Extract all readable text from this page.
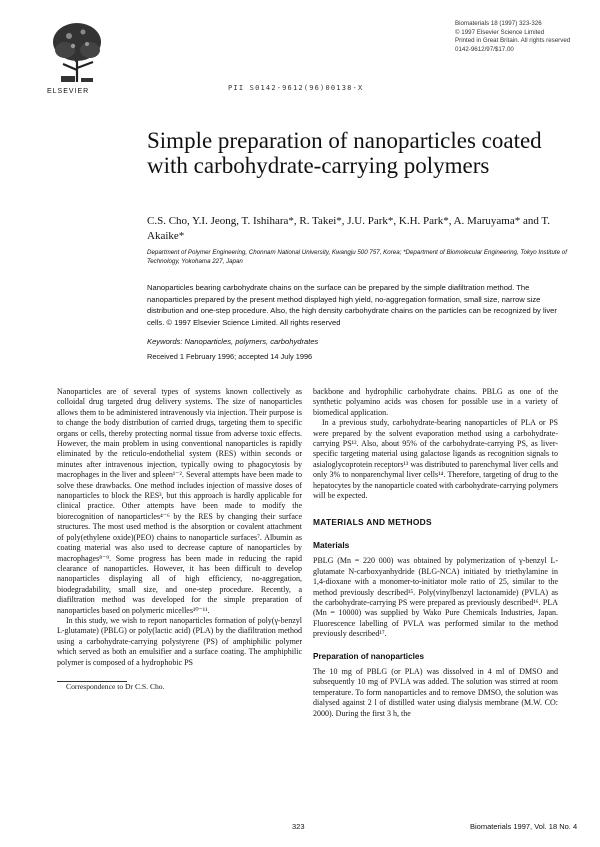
ELSEVIER
Biomaterials 18 (1997) 323-326
© 1997 Elsevier Science Limited
Printed in Great Britain. All rights reserved
0142-9612/97/$17.00
PII S0142-9612(96)00138-X
Simple preparation of nanoparticles coated with carbohydrate-carrying polymers

C.S. Cho, Y.I. Jeong, T. Ishihara*, R. Takei*, J.U. Park*, K.H. Park*, A. Maruyama* and T. Akaike*

Department of Polymer Engineering, Chonnam National University, Kwangju 500 757, Korea; *Department of Biomolecular Engineering, Tokyo Institute of Technology, Yokohama 227, Japan

Nanoparticles bearing carbohydrate chains on the surface can be prepared by the simple diafiltration method. The nanoparticles prepared by the present method displayed high yield, no-aggregation formation, small size, narrow size distribution and one-step procedure. Also, the high density carbohydrate chains on the particles can be recognized by liver cells. © 1997 Elsevier Science Limited. All rights reserved

Keywords: Nanoparticles, polymers, carbohydrates

Received 1 February 1996; accepted 14 July 1996

Nanoparticles are of several types of systems known collectively as colloidal drug targeted drug delivery systems. The size of nanoparticles allows them to be administered intravenously via injection. Their purpose is to change the body distribution of carried drugs, targeting them to specific organs or cells, thereby protecting normal tissue from adverse toxic effects. However, the main problem in using conventional nanoparticles is rapidly eliminated by the reticulo-endothelial system (RES) within seconds or minutes after intravenous injection, typically owing to phagocytosis by macrophages in the liver and spleen¹⁻². Several attempts have been made to solve these drawbacks. One method includes injection of massive doses of nanoparticles to block the RES³, but this approach is hardly applicable for clinical practice. Other attempts have been made to modify the biorecognition of nanoparticles⁴⁻⁶ by the RES by changing their surface structures. The most used method is the absorption or covalent attachment of poly(ethylene oxide)(PEO) chains to nanoparticle surfaces⁷. Albumin as coating material was also used to decrease capture of nanoparticles by macrophages⁸⁻⁹. Some progress has been made in reducing the rapid clearance of nanoparticles. However, it has been difficult to develop nanoparticles displaying all of high efficiency, no-aggregation, biodegradability, small size, and one-step procedure. Recently, a diafiltration method was developed for the simple preparation of nanoparticles based on polymeric micelles¹⁰⁻¹¹.

In this study, we wish to report nanoparticles formation of poly(γ-benzyl L-glutamate) (PBLG) or poly(lactic acid) (PLA) by the diafiltration method using a carbohydrate-carrying polystyrene (PS) of amphiphilic polymer which served as both an emulsifier and a surface coating. The amphiphilic polymer is composed of a hydrophobic PS

Correspondence to Dr C.S. Cho.

backbone and hydrophilic carbohydrate chains. PBLG as one of the synthetic polyamino acids was chosen for possible use in a variety of biomedical application.

In a previous study, carbohydrate-bearing nanoparticles of PLA or PS were prepared by the solvent evaporation method using a carbohydrate-carrying PS¹². Also, about 95% of the carbohydrate-carrying PS, as liver-specific targeting material using galactose ligands as recognition signals to asialoglycoprotein receptors¹³ was distributed to parenchymal liver cells and only 3% to nonparenchymal liver cells¹⁴. Therefore, targeting of drug to the hepatocytes by the nanoparticle coated with carbohydrate-carrying polymers will be expected.

MATERIALS AND METHODS
Materials

PBLG (Mn = 220 000) was obtained by polymerization of γ-benzyl L-glutamate N-carboxyanhydride (BLG-NCA) initiated by triethylamine in 1,4-dioxane with a monomer-to-initiator mole ratio of 25, similar to the method previously described¹⁵. Poly(vinylbenzyl lactonamide) (PVLA) as the carbohydrate-carrying PS were prepared as previously described¹⁶. PLA (Mn = 10000) was supplied by Wako Pure Chemicals Industries, Japan. Fluorescence labelling of PVLA was performed similar to the method previously described¹⁷.

Preparation of nanoparticles

The 10 mg of PBLG (or PLA) was dissolved in 4 ml of DMSO and subsequently 10 mg of PVLA was added. The solution was stirred at room temperature. To form nanoparticles and to remove DMSO, the solution was dialysed against 2 l of distilled water using dialysis membrane (M.W. CO: 2000). During the first 3 h, the

323	Biomaterials 1997, Vol. 18 No. 4
